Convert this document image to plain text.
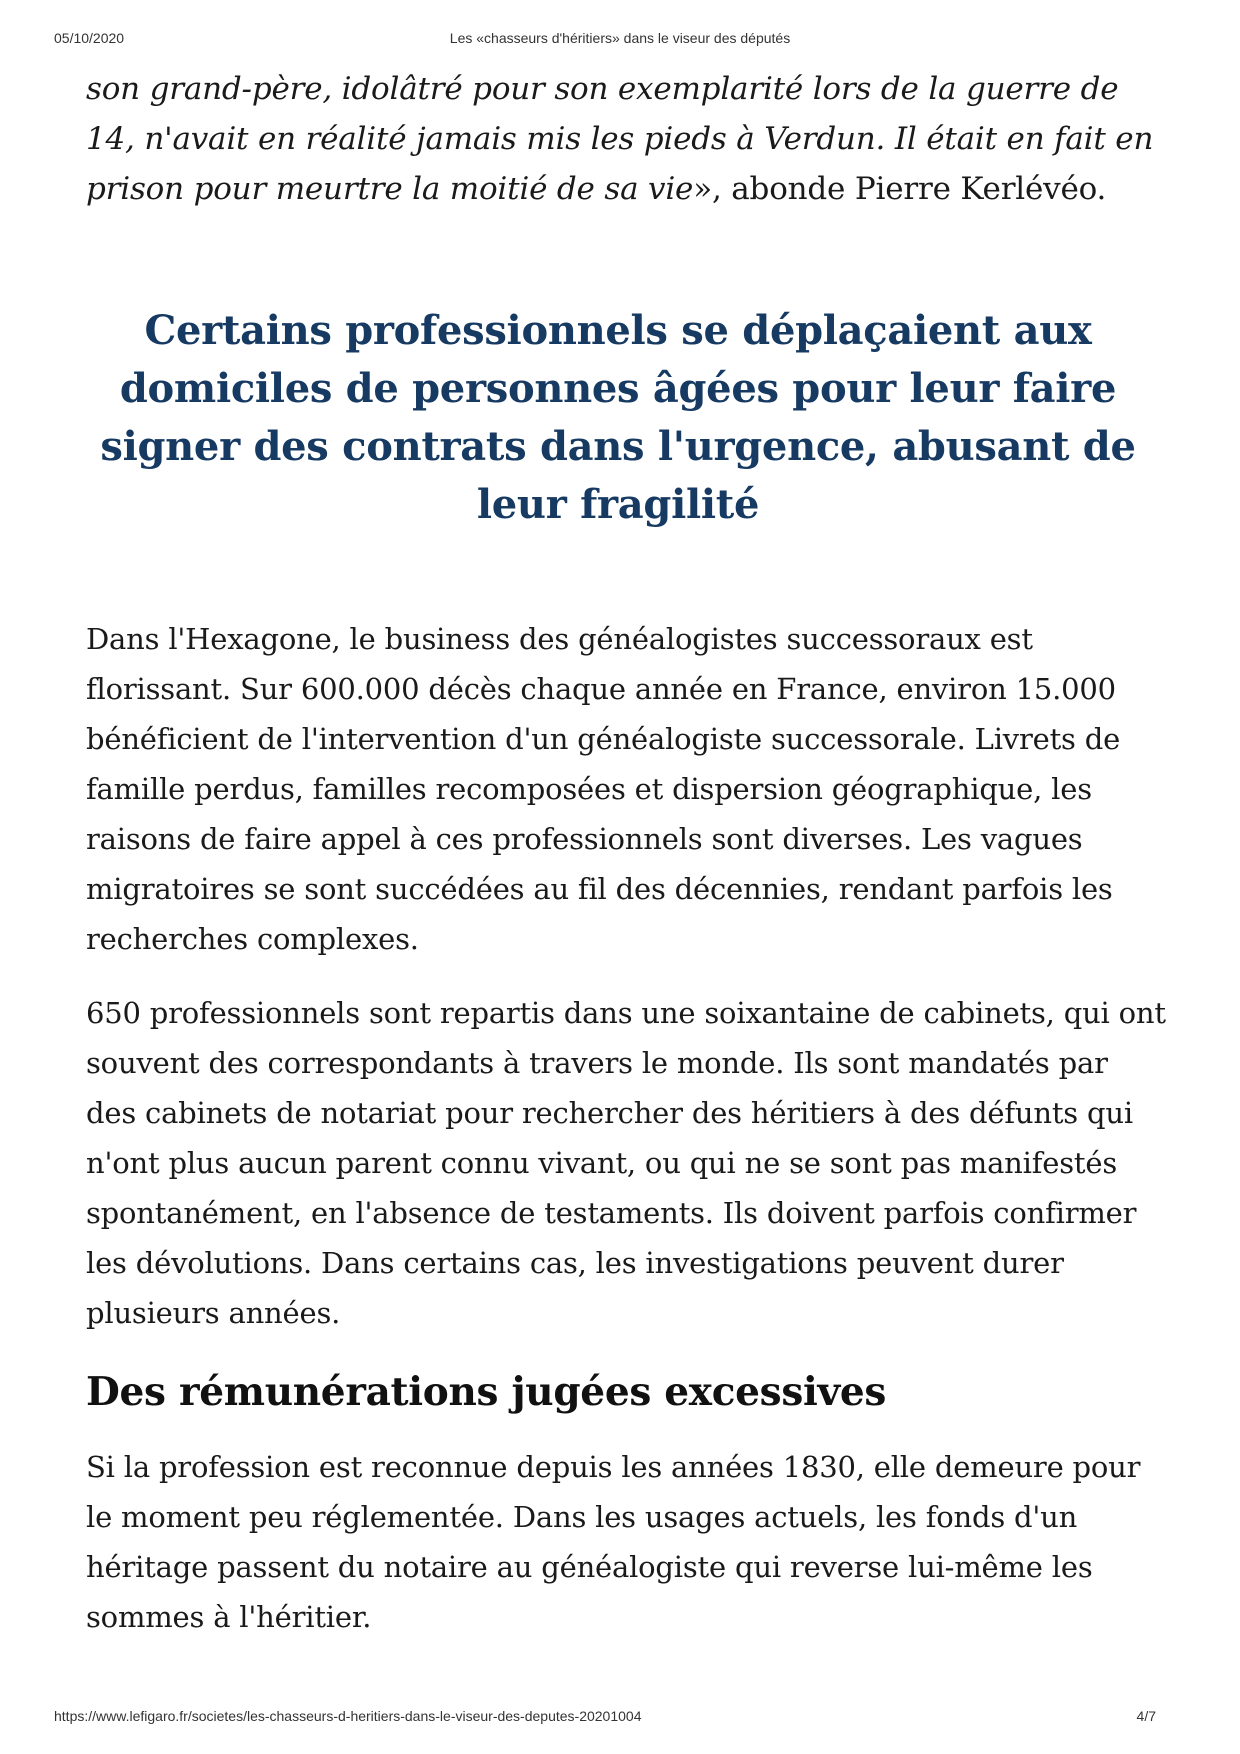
05/10/2020	Les «chasseurs d'héritiers» dans le viseur des députés

son grand-père, idolâtré pour son exemplarité lors de la guerre de 14, n'avait en réalité jamais mis les pieds à Verdun. Il était en fait en prison pour meurtre la moitié de sa vie», abonde Pierre Kerlévéo.

Certains professionnels se déplaçaient aux domiciles de personnes âgées pour leur faire signer des contrats dans l'urgence, abusant de leur fragilité

Dans l'Hexagone, le business des généalogistes successoraux est florissant. Sur 600.000 décès chaque année en France, environ 15.000 bénéficient de l'intervention d'un généalogiste successorale. Livrets de famille perdus, familles recomposées et dispersion géographique, les raisons de faire appel à ces professionnels sont diverses. Les vagues migratoires se sont succédées au fil des décennies, rendant parfois les recherches complexes.

650 professionnels sont repartis dans une soixantaine de cabinets, qui ont souvent des correspondants à travers le monde. Ils sont mandatés par des cabinets de notariat pour rechercher des héritiers à des défunts qui n'ont plus aucun parent connu vivant, ou qui ne se sont pas manifestés spontanément, en l'absence de testaments. Ils doivent parfois confirmer les dévolutions. Dans certains cas, les investigations peuvent durer plusieurs années.

Des rémunérations jugées excessives

Si la profession est reconnue depuis les années 1830, elle demeure pour le moment peu réglementée. Dans les usages actuels, les fonds d'un héritage passent du notaire au généalogiste qui reverse lui-même les sommes à l'héritier.

https://www.lefigaro.fr/societes/les-chasseurs-d-heritiers-dans-le-viseur-des-deputes-20201004	4/7
